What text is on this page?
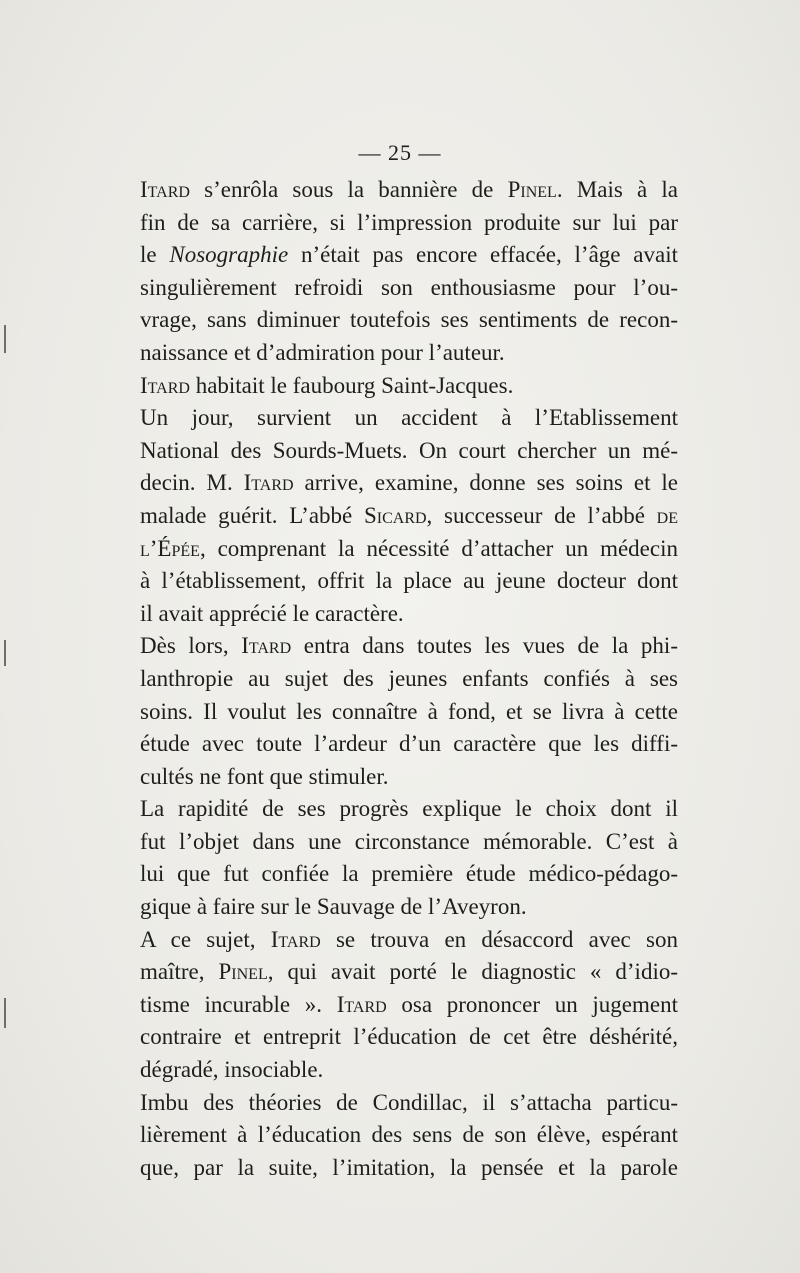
— 25 —

Itard s’enrôla sous la bannière de Pinel. Mais à la
fin de sa carrière, si l’impression produite sur lui par
le Nosographie n’était pas encore effacée, l’âge avait
singulièrement refroidi son enthousiasme pour l’ou-
vrage, sans diminuer toutefois ses sentiments de recon-
naissance et d’admiration pour l’auteur.

Itard habitait le faubourg Saint-Jacques.

Un jour, survient un accident à l’Etablissement
National des Sourds-Muets. On court chercher un mé-
decin. M. Itard arrive, examine, donne ses soins et le
malade guérit. L’abbé Sicard, successeur de l’abbé de
l’Épée, comprenant la nécessité d’attacher un médecin
à l’établissement, offrit la place au jeune docteur dont
il avait apprécié le caractère.

Dès lors, Itard entra dans toutes les vues de la phi-
lanthropie au sujet des jeunes enfants confiés à ses
soins. Il voulut les connaître à fond, et se livra à cette
étude avec toute l’ardeur d’un caractère que les diffi-
cultés ne font que stimuler.

La rapidité de ses progrès explique le choix dont il
fut l’objet dans une circonstance mémorable. C’est à
lui que fut confiée la première étude médico-pédago-
gique à faire sur le Sauvage de l’Aveyron.

A ce sujet, Itard se trouva en désaccord avec son
maître, Pinel, qui avait porté le diagnostic « d’idio-
tisme incurable ». Itard osa prononcer un jugement
contraire et entreprit l’éducation de cet être déshérité,
dégradé, insociable.

Imbu des théories de Condillac, il s’attacha particu-
lièrement à l’éducation des sens de son élève, espérant
que, par la suite, l’imitation, la pensée et la parole
